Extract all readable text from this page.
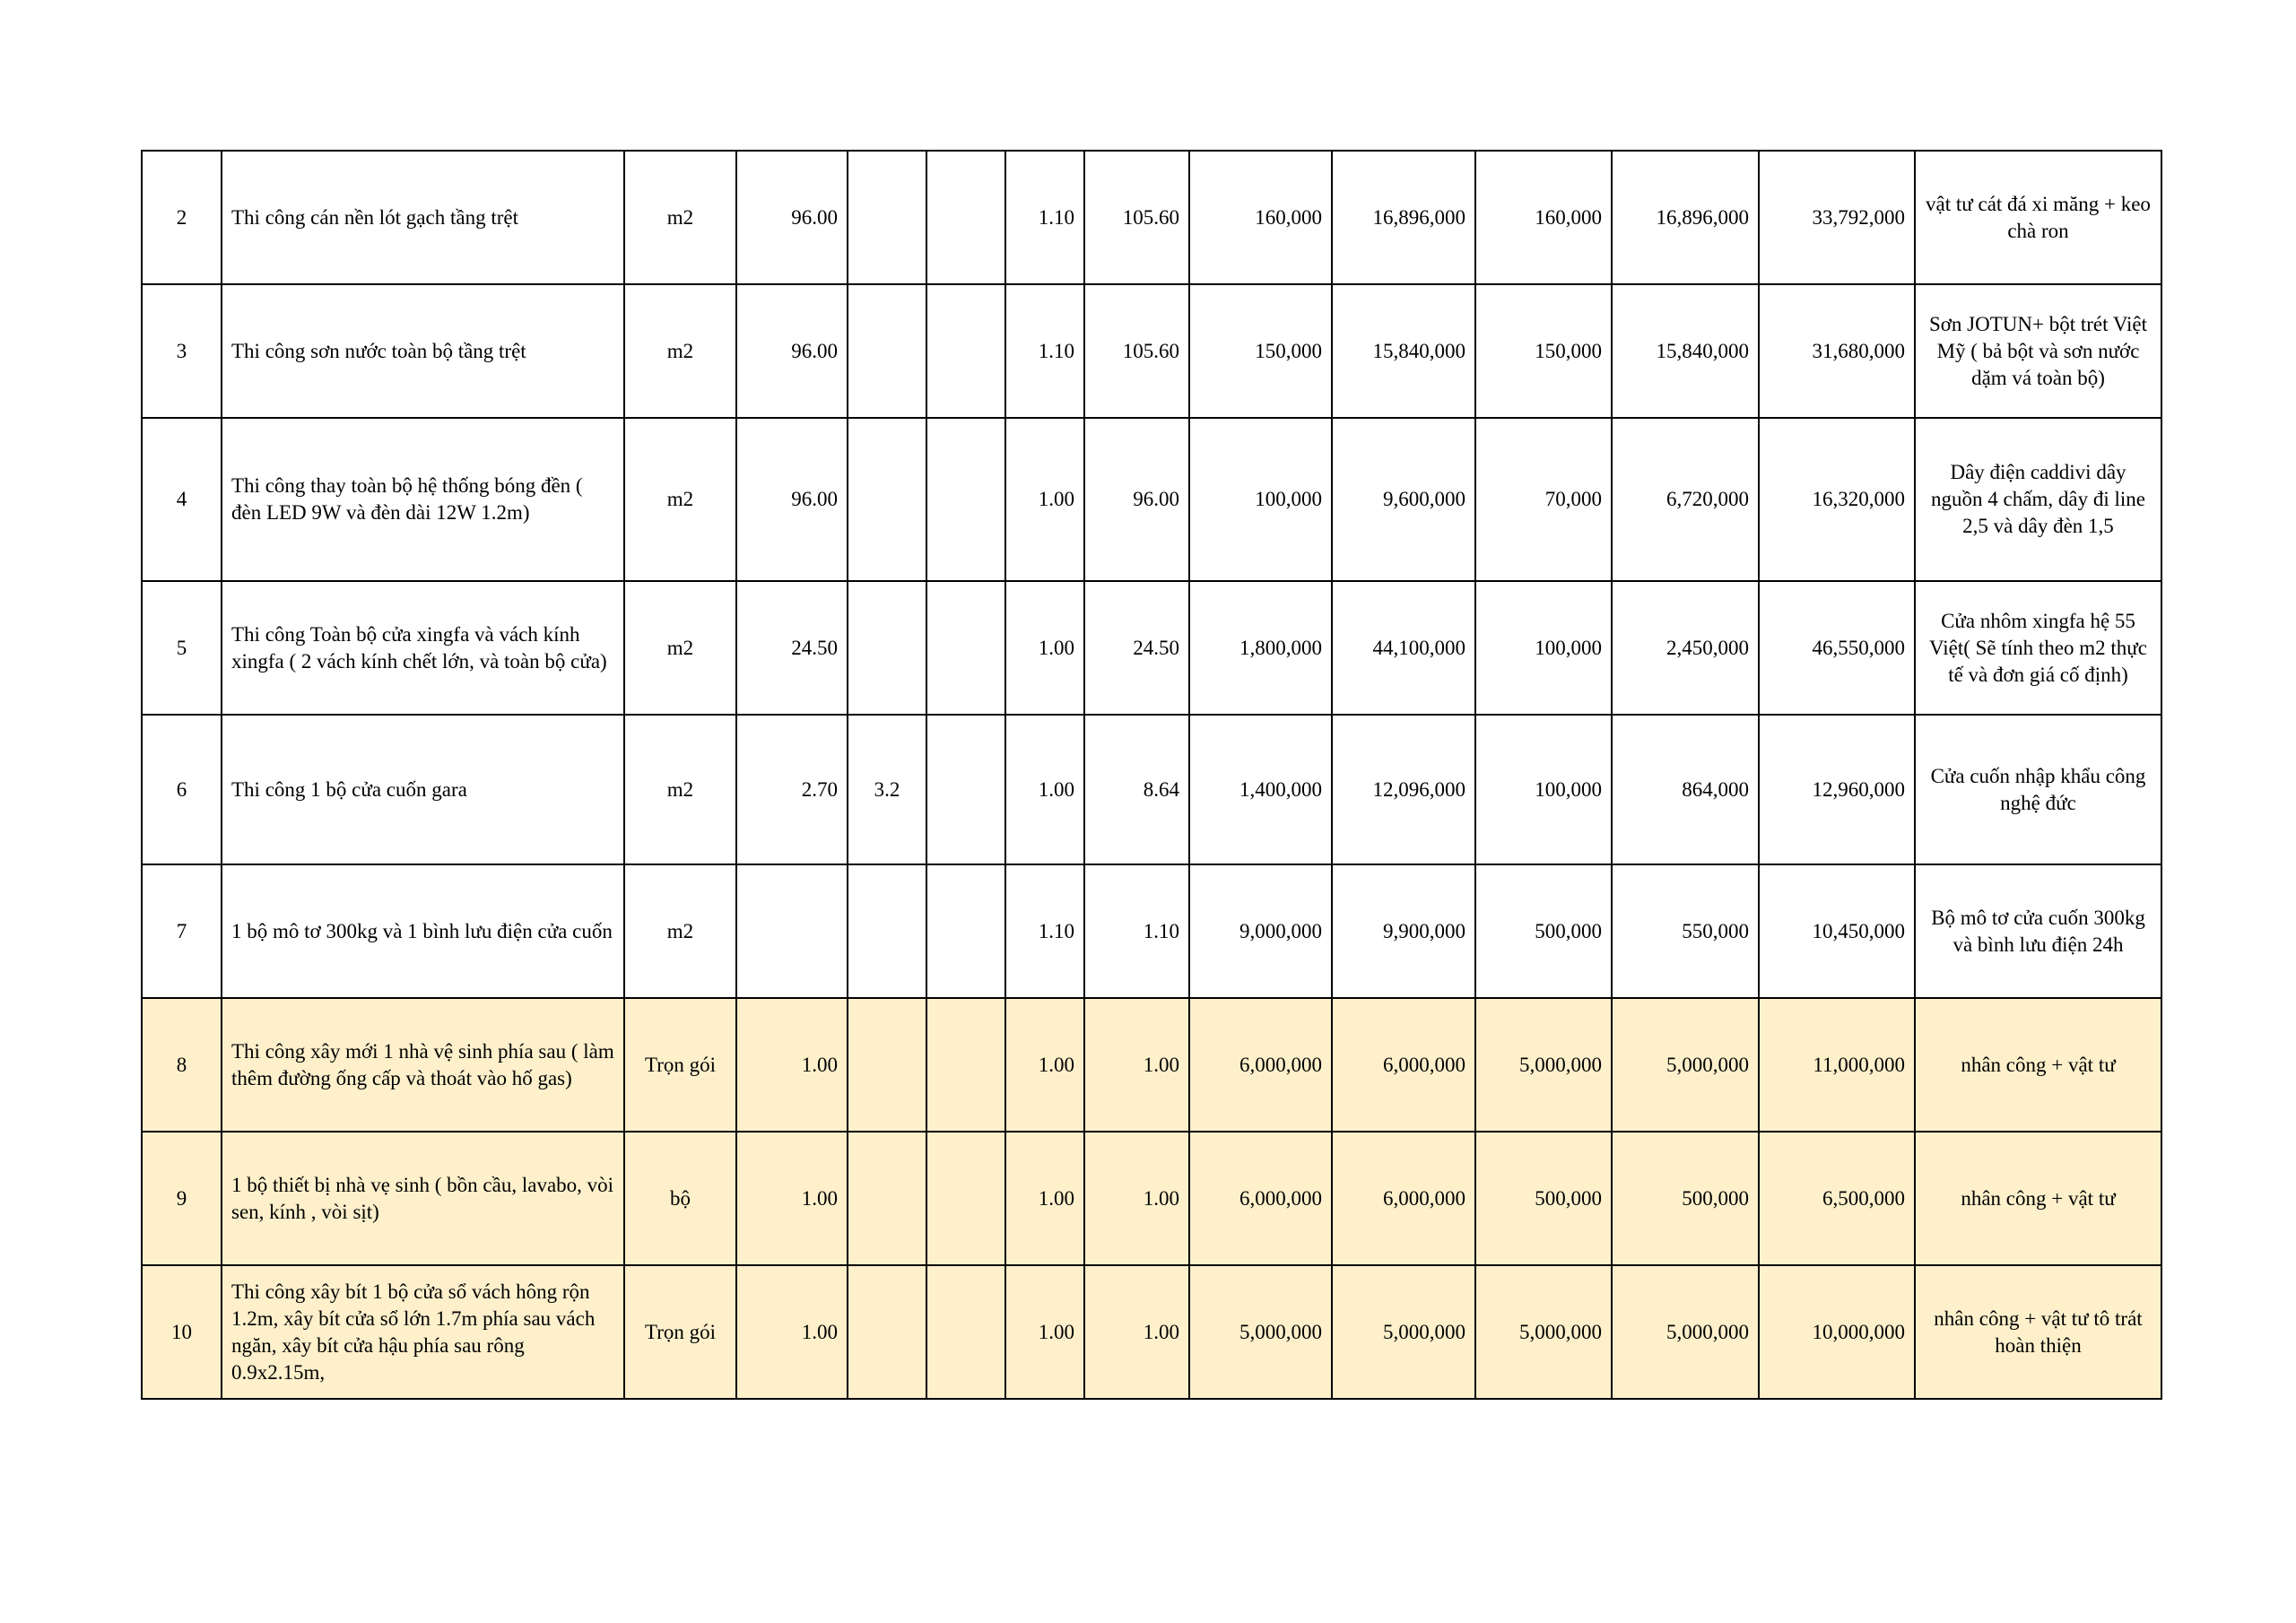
2	Thi công cán nền lót gạch tầng trệt	m2	96.00			1.10	105.60	160,000	16,896,000	160,000	16,896,000	33,792,000	vật tư cát đá xi măng + keo chà ron
3	Thi công sơn nước toàn bộ tầng trệt	m2	96.00			1.10	105.60	150,000	15,840,000	150,000	15,840,000	31,680,000	Sơn JOTUN+ bột trét Việt Mỹ ( bả bột và sơn nước dặm vá toàn bộ)
4	Thi công thay toàn bộ hệ thống bóng đền ( đèn LED 9W và đèn dài 12W 1.2m)	m2	96.00			1.00	96.00	100,000	9,600,000	70,000	6,720,000	16,320,000	Dây điện caddivi dây nguồn 4 chấm, dây đi line 2,5 và dây đèn 1,5
5	Thi công Toàn bộ cửa xingfa và vách kính xingfa ( 2 vách kính chết lớn, và toàn bộ cửa)	m2	24.50			1.00	24.50	1,800,000	44,100,000	100,000	2,450,000	46,550,000	Cửa nhôm xingfa hệ 55 Việt( Sẽ tính theo m2 thực tế và đơn giá cố định)
6	Thi công 1 bộ cửa cuốn gara	m2	2.70	3.2		1.00	8.64	1,400,000	12,096,000	100,000	864,000	12,960,000	Cửa cuốn nhập khẩu công nghệ đức
7	1 bộ mô tơ 300kg và 1 bình lưu điện cửa cuốn	m2				1.10	1.10	9,000,000	9,900,000	500,000	550,000	10,450,000	Bộ mô tơ cửa cuốn 300kg và bình lưu điện 24h
8	Thi công xây mới 1 nhà vệ sinh phía sau ( làm thêm đường ống cấp và thoát vào hố gas)	Trọn gói	1.00			1.00	1.00	6,000,000	6,000,000	5,000,000	5,000,000	11,000,000	nhân công + vật tư
9	1 bộ thiết bị nhà vẹ sinh ( bồn cầu, lavabo, vòi sen, kính , vòi sịt)	bộ	1.00			1.00	1.00	6,000,000	6,000,000	500,000	500,000	6,500,000	nhân công + vật tư
10	Thi công xây bít 1 bộ cửa sổ vách hông rộn 1.2m, xây bít cửa sổ lớn 1.7m phía sau vách ngăn, xây bít cửa hậu phía sau rông 0.9x2.15m,	Trọn gói	1.00			1.00	1.00	5,000,000	5,000,000	5,000,000	5,000,000	10,000,000	nhân công + vật tư tô trát hoàn thiện
